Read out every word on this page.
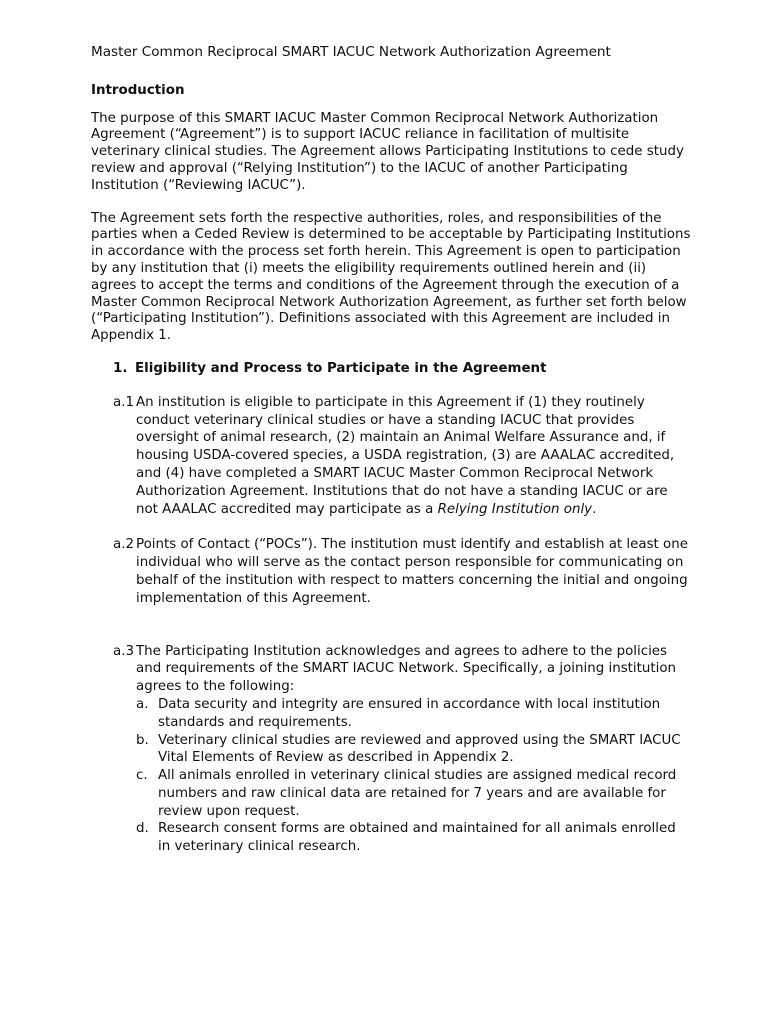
Master Common Reciprocal SMART IACUC Network Authorization Agreement

Introduction

The purpose of this SMART IACUC Master Common Reciprocal Network Authorization Agreement (“Agreement”) is to support IACUC reliance in facilitation of multisite veterinary clinical studies. The Agreement allows Participating Institutions to cede study review and approval (“Relying Institution”) to the IACUC of another Participating Institution (“Reviewing IACUC”).

The Agreement sets forth the respective authorities, roles, and responsibilities of the parties when a Ceded Review is determined to be acceptable by Participating Institutions in accordance with the process set forth herein. This Agreement is open to participation by any institution that (i) meets the eligibility requirements outlined herein and (ii) agrees to accept the terms and conditions of the Agreement through the execution of a Master Common Reciprocal Network Authorization Agreement, as further set forth below (“Participating Institution”). Definitions associated with this Agreement are included in Appendix 1.

1. Eligibility and Process to Participate in the Agreement
a.1 An institution is eligible to participate in this Agreement if (1) they routinely conduct veterinary clinical studies or have a standing IACUC that provides oversight of animal research, (2) maintain an Animal Welfare Assurance and, if housing USDA-covered species, a USDA registration, (3) are AAALAC accredited, and (4) have completed a SMART IACUC Master Common Reciprocal Network Authorization Agreement. Institutions that do not have a standing IACUC or are not AAALAC accredited may participate as a Relying Institution only.
a.2 Points of Contact (“POCs”). The institution must identify and establish at least one individual who will serve as the contact person responsible for communicating on behalf of the institution with respect to matters concerning the initial and ongoing implementation of this Agreement.
a.3 The Participating Institution acknowledges and agrees to adhere to the policies and requirements of the SMART IACUC Network. Specifically, a joining institution agrees to the following:
a. Data security and integrity are ensured in accordance with local institution standards and requirements.
b. Veterinary clinical studies are reviewed and approved using the SMART IACUC Vital Elements of Review as described in Appendix 2.
c. All animals enrolled in veterinary clinical studies are assigned medical record numbers and raw clinical data are retained for 7 years and are available for review upon request.
d. Research consent forms are obtained and maintained for all animals enrolled in veterinary clinical research.
